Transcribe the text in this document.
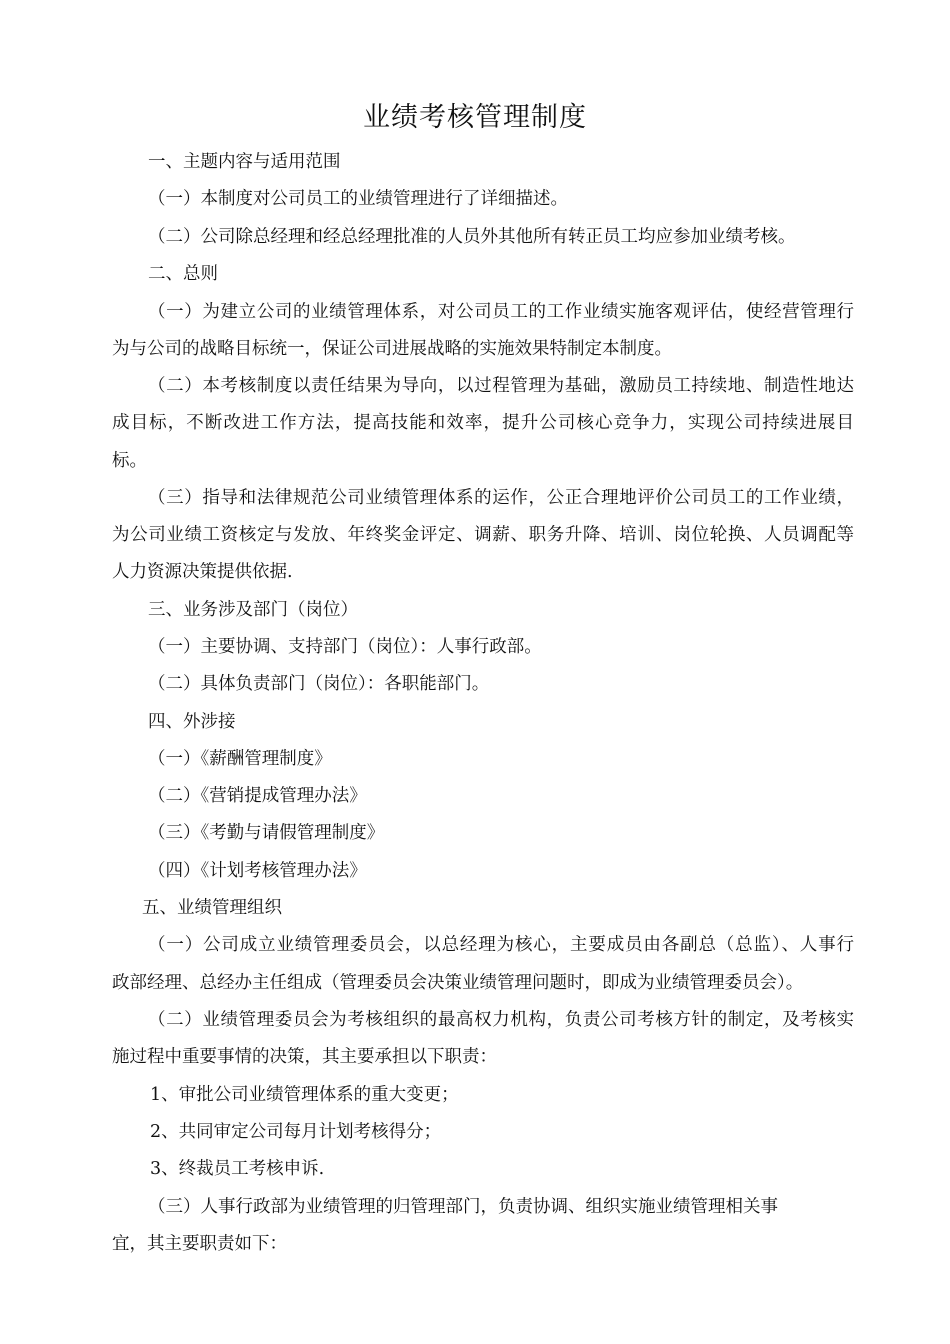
业绩考核管理制度
一、主题内容与适用范围
（一）本制度对公司员工的业绩管理进行了详细描述。
（二）公司除总经理和经总经理批准的人员外其他所有转正员工均应参加业绩考核。
二、总则
（一）为建立公司的业绩管理体系，对公司员工的工作业绩实施客观评估，使经营管理行
为与公司的战略目标统一，保证公司进展战略的实施效果特制定本制度。
（二）本考核制度以责任结果为导向，以过程管理为基础，激励员工持续地、制造性地达
成目标，不断改进工作方法，提高技能和效率，提升公司核心竞争力，实现公司持续进展目
标。
（三）指导和法律规范公司业绩管理体系的运作，公正合理地评价公司员工的工作业绩，
为公司业绩工资核定与发放、年终奖金评定、调薪、职务升降、培训、岗位轮换、人员调配等
人力资源决策提供依据.
三、业务涉及部门（岗位）
（一）主要协调、支持部门（岗位）：人事行政部。
（二）具体负责部门（岗位）：各职能部门。
四、外涉接
（一）《薪酬管理制度》
（二）《营销提成管理办法》
（三）《考勤与请假管理制度》
（四）《计划考核管理办法》
五、业绩管理组织
（一）公司成立业绩管理委员会，以总经理为核心，主要成员由各副总（总监）、人事行
政部经理、总经办主任组成（管理委员会决策业绩管理问题时，即成为业绩管理委员会）。
（二）业绩管理委员会为考核组织的最高权力机构，负责公司考核方针的制定，及考核实
施过程中重要事情的决策，其主要承担以下职责：
1、审批公司业绩管理体系的重大变更；
2、共同审定公司每月计划考核得分；
3、终裁员工考核申诉.
（三）人事行政部为业绩管理的归管理部门，负责协调、组织实施业绩管理相关事
宜，其主要职责如下：
